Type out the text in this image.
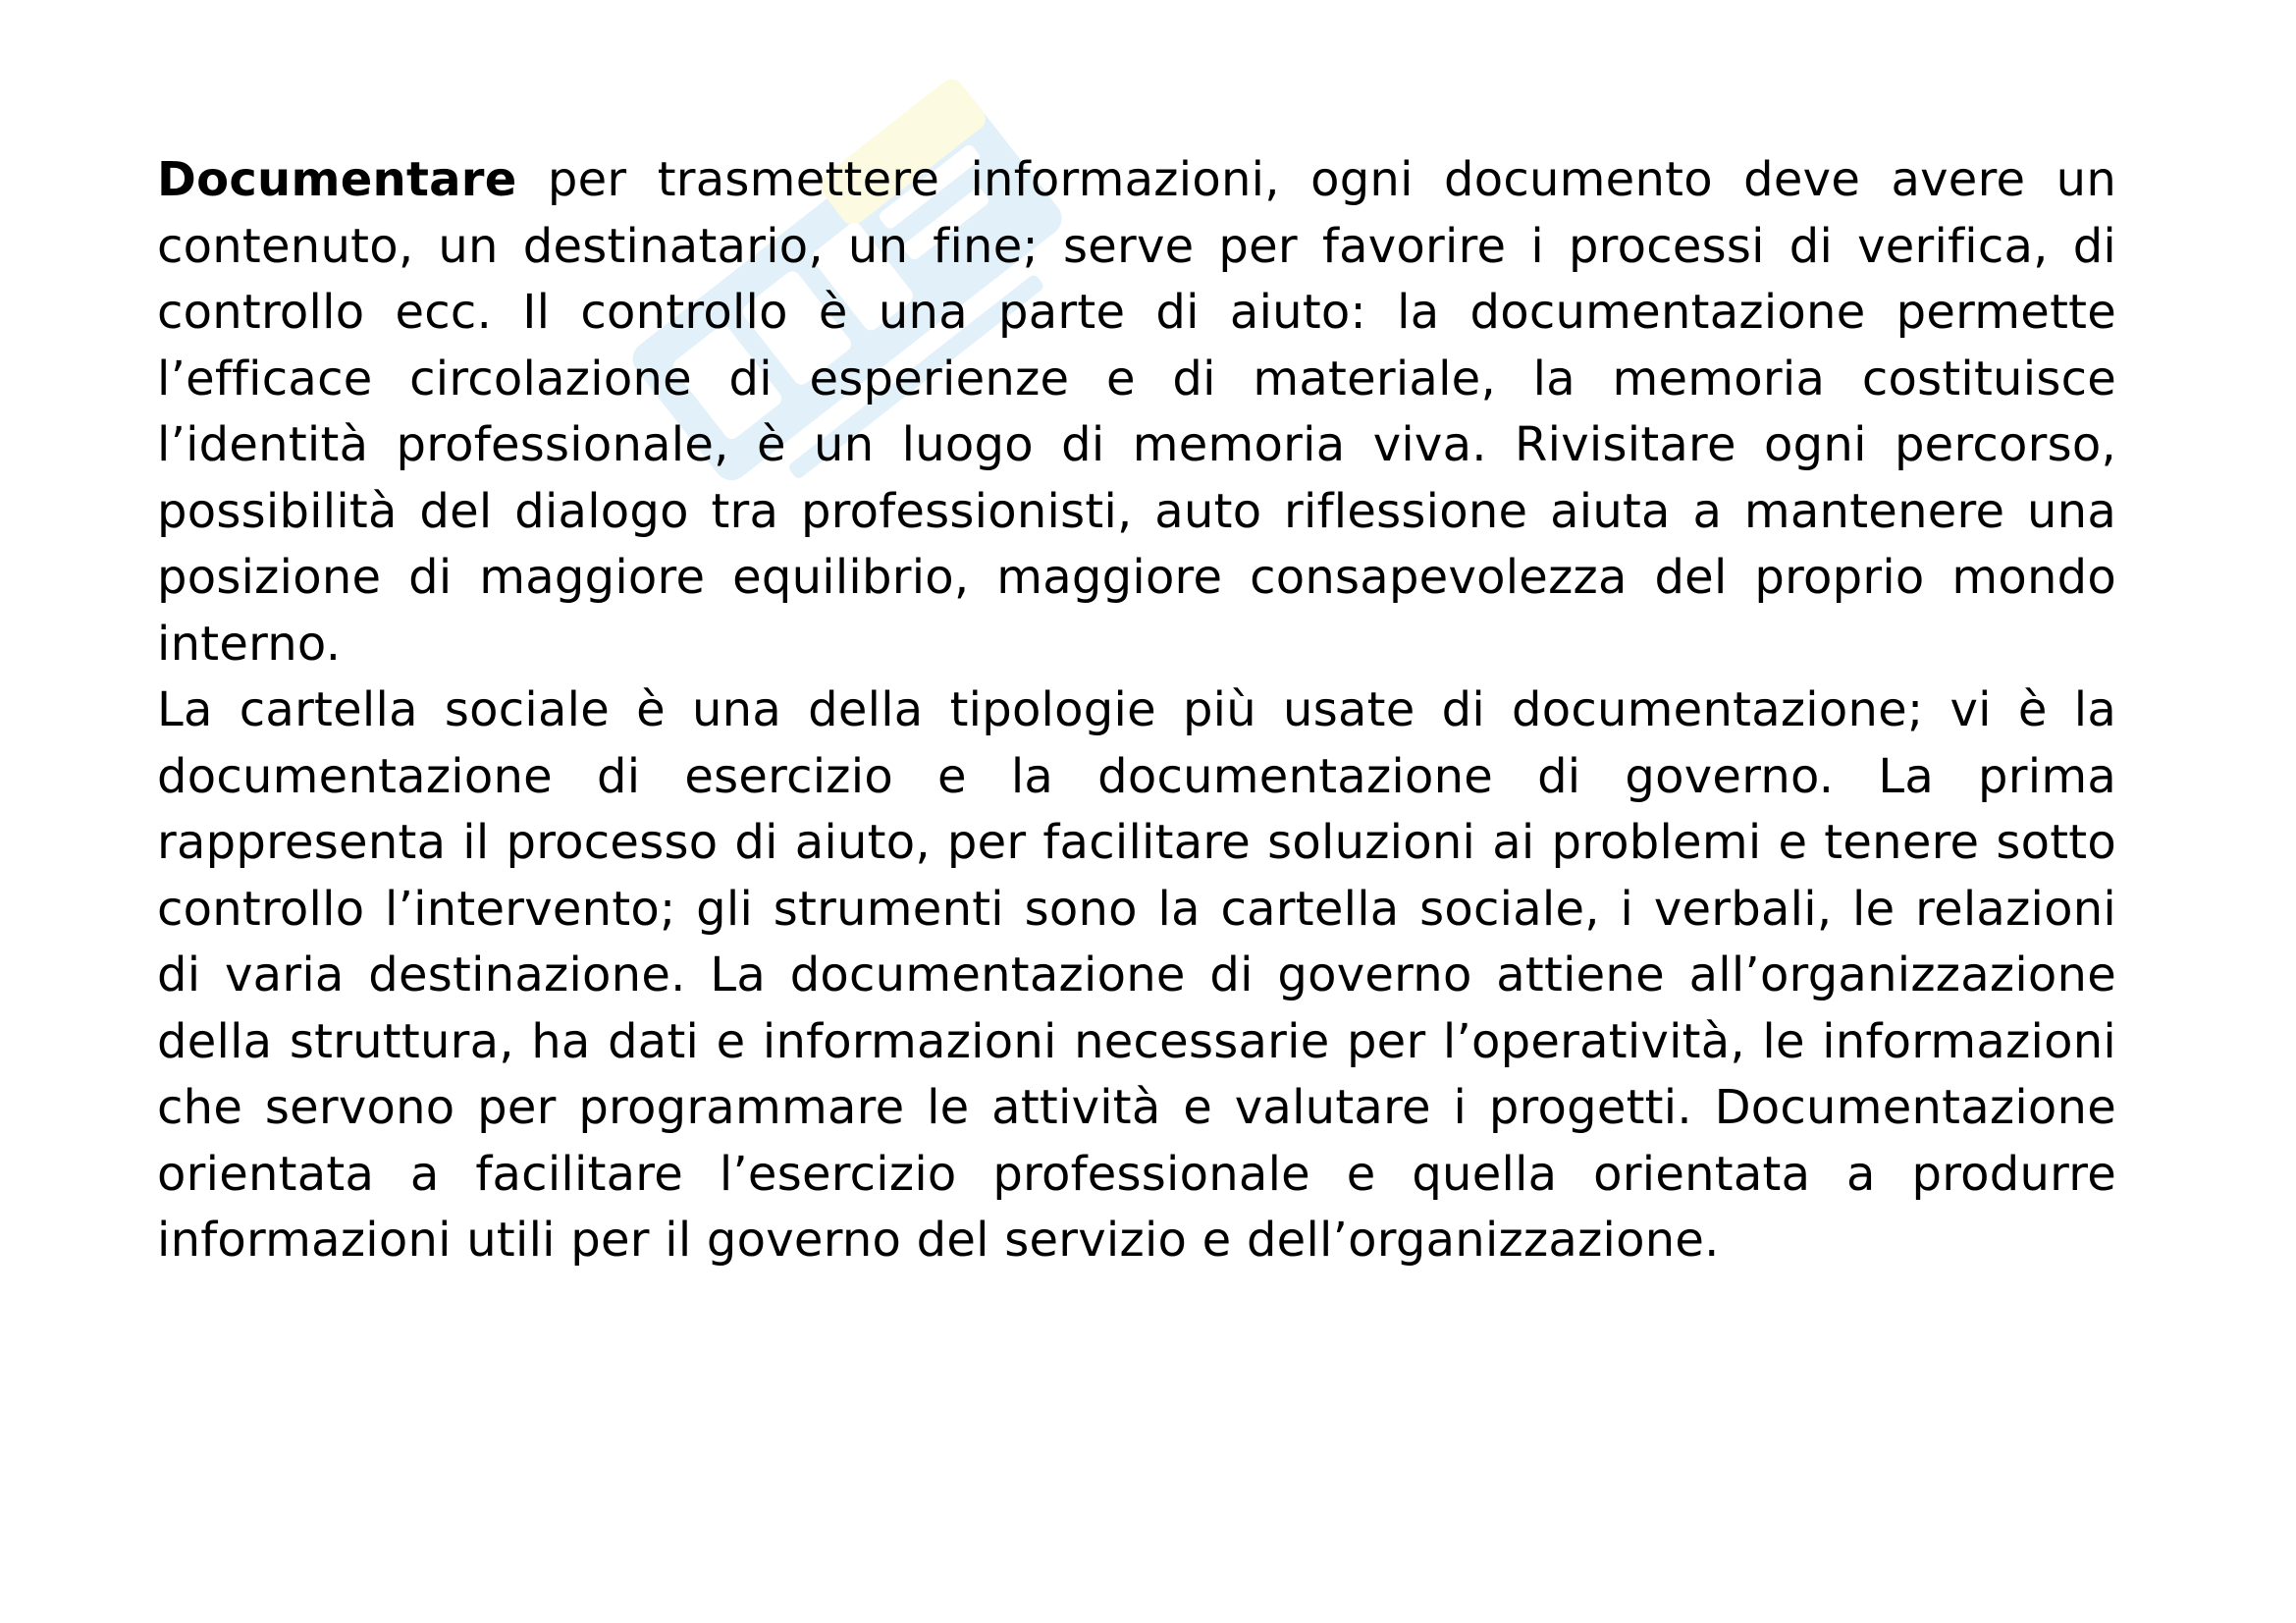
Documentare per trasmettere informazioni, ogni documento deve avere un contenuto, un destinatario, un fine; serve per favorire i processi di verifica, di controllo ecc. Il controllo è una parte di aiuto: la documentazione permette l’efficace circolazione di esperienze e di materiale, la memoria costituisce l’identità professionale, è un luogo di memoria viva. Rivisitare ogni percorso, possibilità del dialogo tra professionisti, auto riflessione aiuta a mantenere una posizione di maggiore equilibrio, maggiore consapevolezza del proprio mondo interno.

La cartella sociale è una della tipologie più usate di documentazione; vi è la documentazione di esercizio e la documentazione di governo. La prima rappresenta il processo di aiuto, per facilitare soluzioni ai problemi e tenere sotto controllo l’intervento; gli strumenti sono la cartella sociale, i verbali, le relazioni di varia destinazione. La documentazione di governo attiene all’organizzazione della struttura, ha dati e informazioni necessarie per l’operatività, le informazioni che servono per programmare le attività e valutare i progetti. Documentazione orientata a facilitare l’esercizio professionale e quella orientata a produrre informazioni utili per il governo del servizio e dell’organizzazione.
